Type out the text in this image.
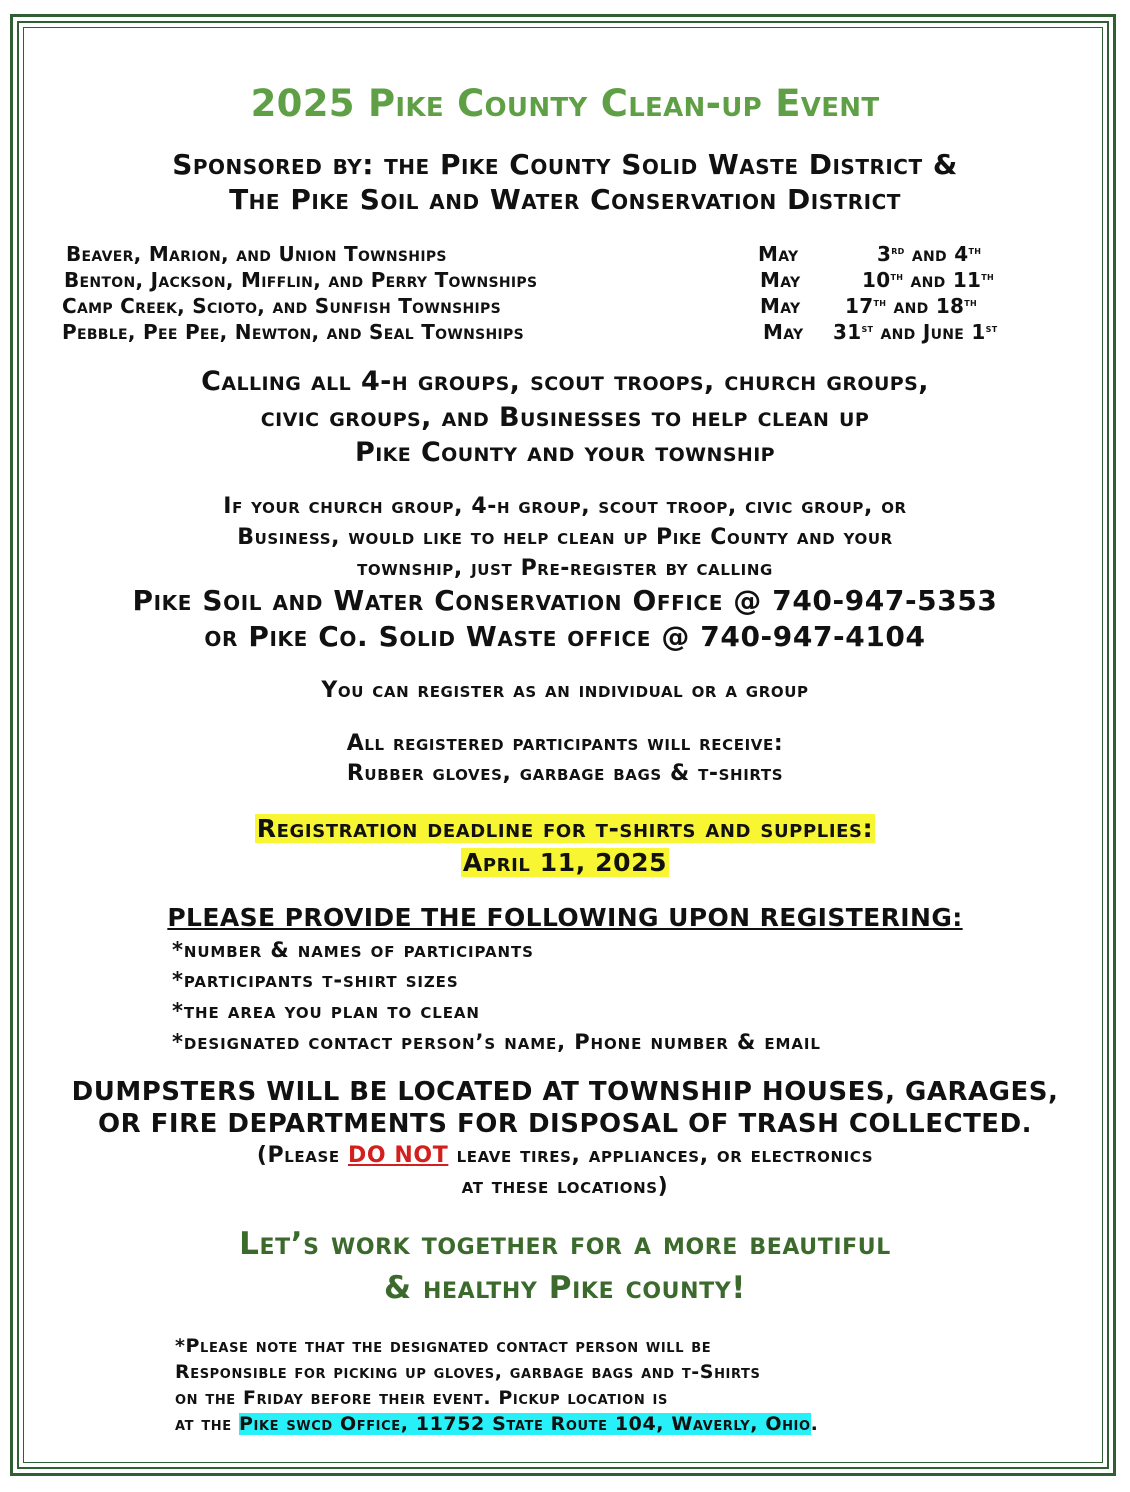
2025 Pike County Clean-up Event
Sponsored by: the Pike County Solid Waste District &
The Pike Soil and Water Conservation District
Beaver, Marion, and Union Townships	May	3rd and 4th
Benton, Jackson, Mifflin, and Perry Townships	May	10th and 11th
Camp Creek, Scioto, and Sunfish Townships	May 17th and 18th
Pebble, Pee Pee, Newton, and Seal Townships	May 31st and June 1st
Calling all 4-h groups, scout troops, church groups,
civic groups, and Businesses to help clean up
Pike County and your township
If your church group, 4-h group, scout troop, civic group, or
Business, would like to help clean up Pike County and your
township, just Pre-register by calling
Pike Soil and Water Conservation Office @ 740-947-5353
or Pike Co. Solid Waste office @ 740-947-4104
You can register as an individual or a group
All registered participants will receive:
Rubber gloves, garbage bags & t-shirts
Registration deadline for t-shirts and supplies:
April 11, 2025
PLEASE PROVIDE THE FOLLOWING UPON REGISTERING:
*number & names of participants
*participants t-shirt sizes
*the area you plan to clean
*designated contact person’s name, Phone number & email
DUMPSTERS WILL BE LOCATED AT TOWNSHIP HOUSES, GARAGES,
OR FIRE DEPARTMENTS FOR DISPOSAL OF TRASH COLLECTED.
(Please DO NOT leave tires, appliances, or electronics
at these locations)
Let’s work together for a more beautiful
& healthy Pike county!
*Please note that the designated contact person will be
Responsible for picking up gloves, garbage bags and t-Shirts
on the Friday before their event. Pickup location is
at the Pike swcd Office, 11752 State Route 104, Waverly, Ohio.
